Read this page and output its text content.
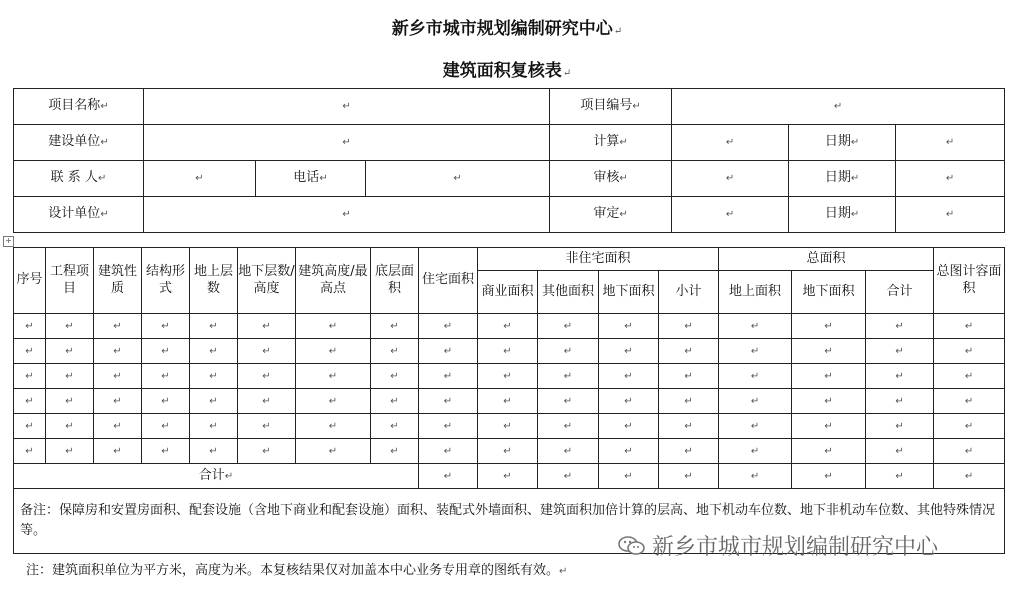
新乡市城市规划编制研究中心↵
建筑面积复核表↵
项目名称↵	↵			项目编号↵	↵		
建设单位↵	↵			计算↵	↵	日期↵	↵
联 系 人↵	↵	电话↵	↵	审核↵	↵	日期↵	↵
设计单位↵	↵			审定↵	↵	日期↵	↵
+
序号	工程项目	建筑性质	结构形式	地上层数	地下层数/高度	建筑高度/最高点	底层面积	住宅面积	非住宅面积				总面积			总图计容面积
									商业面积	其他面积	地下面积	小计	地上面积	地下面积	合计	
↵	↵	↵	↵	↵	↵	↵	↵	↵	↵	↵	↵	↵	↵	↵	↵	↵
↵	↵	↵	↵	↵	↵	↵	↵	↵	↵	↵	↵	↵	↵	↵	↵	↵
↵	↵	↵	↵	↵	↵	↵	↵	↵	↵	↵	↵	↵	↵	↵	↵	↵
↵	↵	↵	↵	↵	↵	↵	↵	↵	↵	↵	↵	↵	↵	↵	↵	↵
↵	↵	↵	↵	↵	↵	↵	↵	↵	↵	↵	↵	↵	↵	↵	↵	↵
↵	↵	↵	↵	↵	↵	↵	↵	↵	↵	↵	↵	↵	↵	↵	↵	↵
合计↵								↵	↵	↵	↵	↵	↵	↵	↵	↵
备注：保障房和安置房面积、配套设施（含地下商业和配套设施）面积、装配式外墙面积、建筑面积加倍计算的层高、地下机动车位数、地下非机动车位数、其他特殊情况等。																
注：建筑面积单位为平方米，高度为米。本复核结果仅对加盖本中心业务专用章的图纸有效。↵
新乡市城市规划编制研究中心
